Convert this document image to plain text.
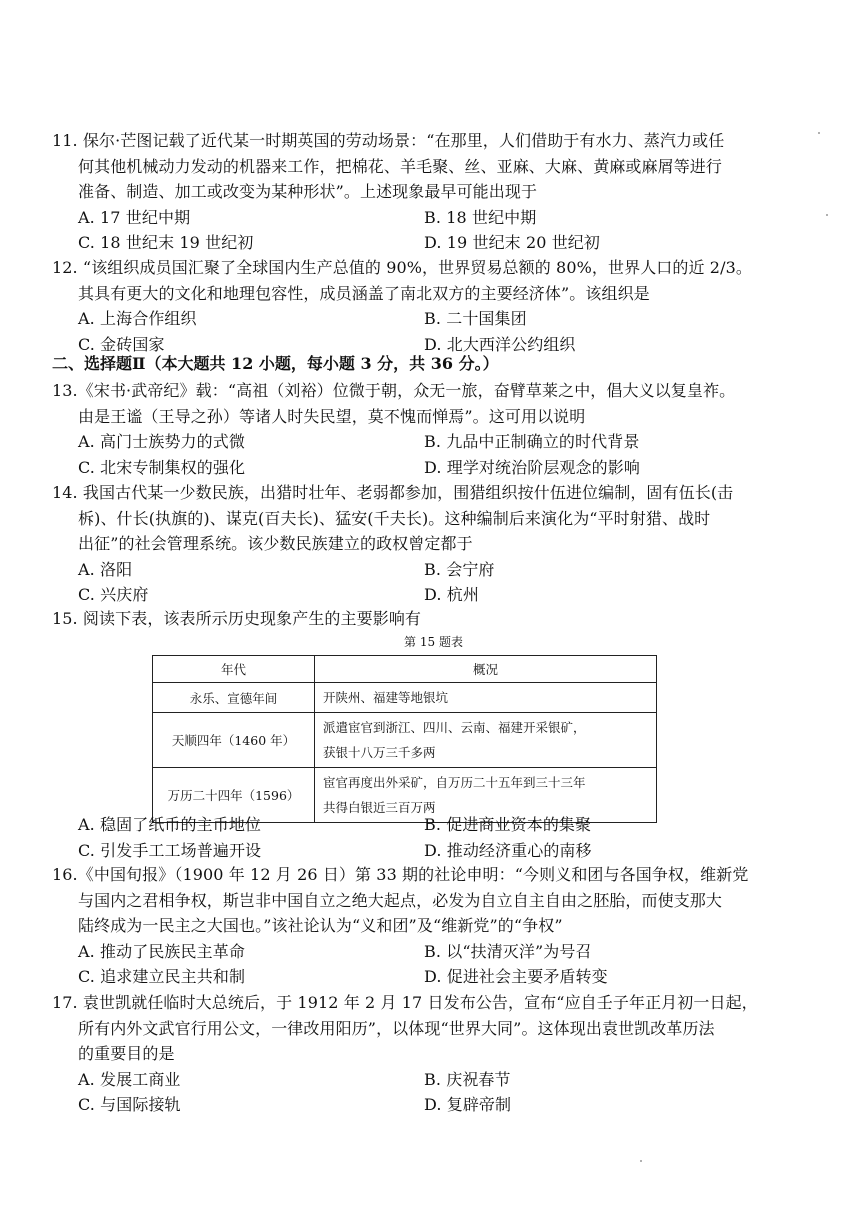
11. 保尔·芒图记载了近代某一时期英国的劳动场景：“在那里，人们借助于有水力、蒸汽力或任
何其他机械动力发动的机器来工作，把棉花、羊毛聚、丝、亚麻、大麻、黄麻或麻屑等进行
准备、制造、加工或改变为某种形状”。上述现象最早可能出现于
A. 17 世纪中期	B. 18 世纪中期
C. 18 世纪末 19 世纪初	D. 19 世纪末 20 世纪初
12. “该组织成员国汇聚了全球国内生产总值的 90%，世界贸易总额的 80%，世界人口的近 2/3。
其具有更大的文化和地理包容性，成员涵盖了南北双方的主要经济体”。该组织是
A. 上海合作组织	B. 二十国集团
C. 金砖国家	D. 北大西洋公约组织
二、选择题Ⅱ（本大题共 12 小题，每小题 3 分，共 36 分。）
13.《宋书·武帝纪》载：“高祖（刘裕）位微于朝，众无一旅，奋臂草莱之中，倡大义以复皇祚。
由是王谧（王导之孙）等诸人时失民望，莫不愧而惮焉”。这可用以说明
A. 高门士族势力的式微	B. 九品中正制确立的时代背景
C. 北宋专制集权的强化	D. 理学对统治阶层观念的影响
14. 我国古代某一少数民族，出猎时壮年、老弱都参加，围猎组织按什伍进位编制，固有伍长(击
柝)、什长(执旗的)、谋克(百夫长)、猛安(千夫长)。这种编制后来演化为“平时射猎、战时
出征”的社会管理系统。该少数民族建立的政权曾定都于
A. 洛阳	B. 会宁府
C. 兴庆府	D. 杭州
15. 阅读下表，该表所示历史现象产生的主要影响有
第 15 题表
年代	概况
永乐、宣德年间	开陕州、福建等地银坑
天顺四年（1460 年）	派遣宦官到浙江、四川、云南、福建开采银矿，
获银十八万三千多两

万历二十四年（1596）	宦官再度出外采矿，自万历二十五年到三十三年
共得白银近三百万两
A. 稳固了纸币的主币地位	B. 促进商业资本的集聚
C. 引发手工工场普遍开设	D. 推动经济重心的南移
16.《中国旬报》（1900 年 12 月 26 日）第 33 期的社论申明：“今则义和团与各国争权，维新党
与国内之君相争权，斯岂非中国自立之绝大起点，必发为自立自主自由之胚胎，而使支那大
陆终成为一民主之大国也。”该社论认为“义和团”及“维新党”的“争权”
A. 推动了民族民主革命	B. 以“扶清灭洋”为号召
C. 追求建立民主共和制	D. 促进社会主要矛盾转变
17. 袁世凯就任临时大总统后，于 1912 年 2 月 17 日发布公告，宣布“应自壬子年正月初一日起，
所有内外文武官行用公文，一律改用阳历”，以体现“世界大同”。这体现出袁世凯改革历法
的重要目的是
A. 发展工商业	B. 庆祝春节
C. 与国际接轨	D. 复辟帝制
